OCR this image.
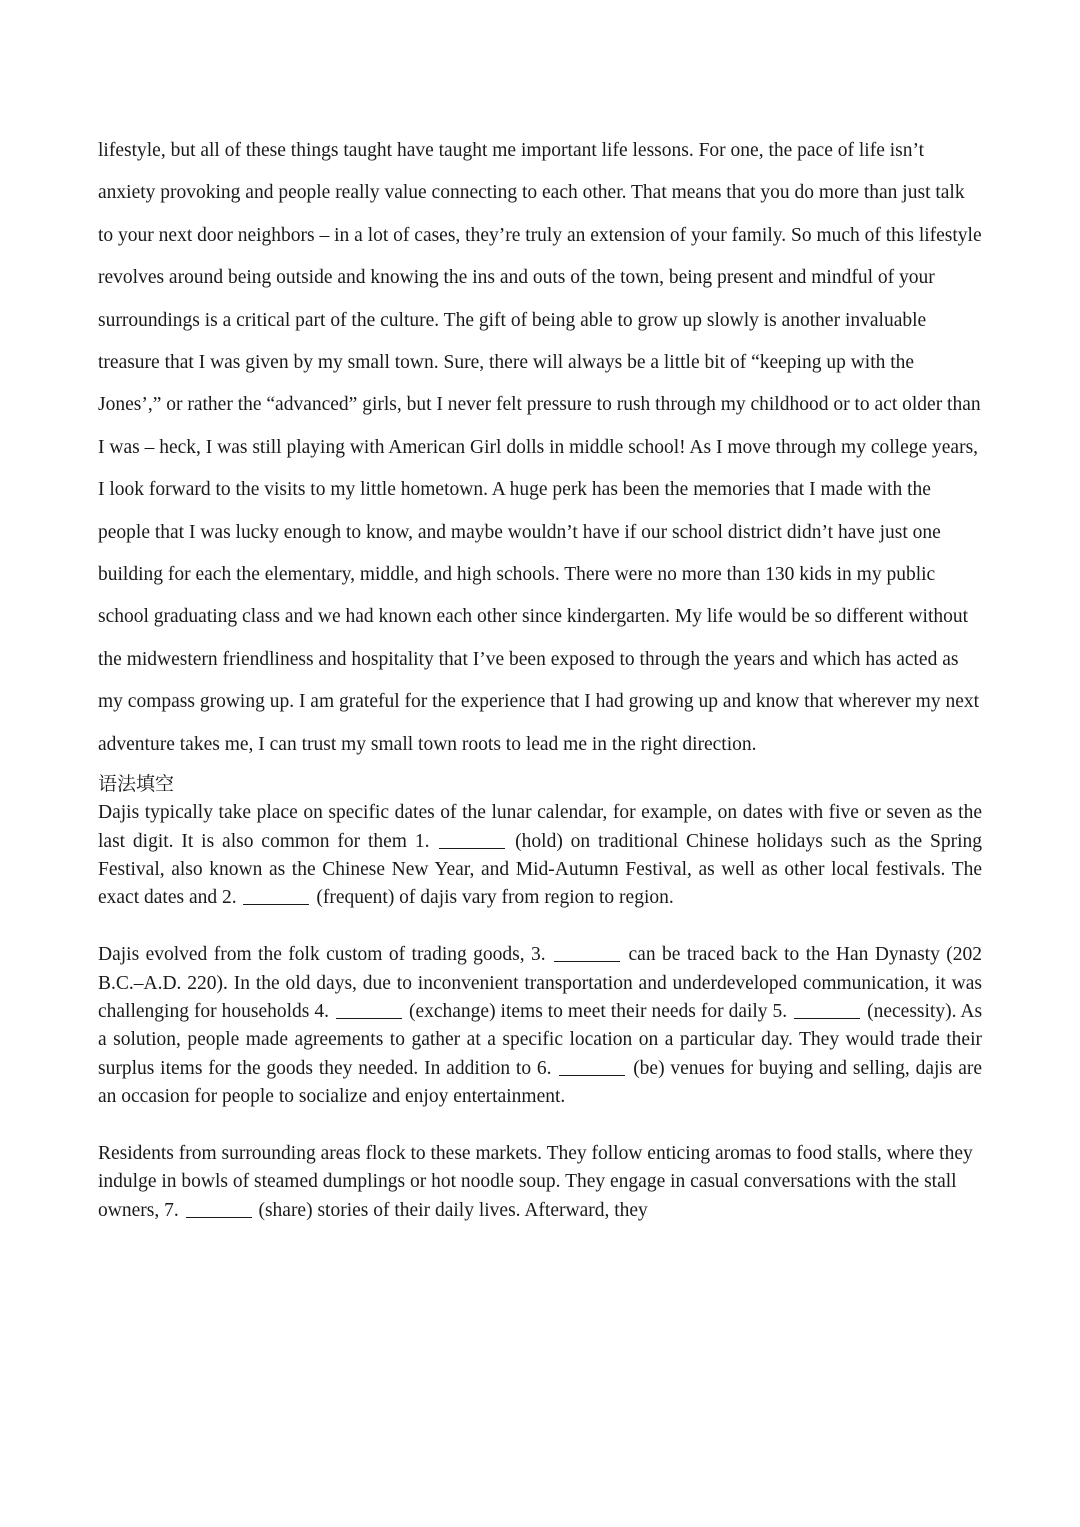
lifestyle, but all of these things taught have taught me important life lessons. For one, the pace of life isn’t anxiety provoking and people really value connecting to each other. That means that you do more than just talk to your next door neighbors – in a lot of cases, they’re truly an extension of your family. So much of this lifestyle revolves around being outside and knowing the ins and outs of the town, being present and mindful of your surroundings is a critical part of the culture. The gift of being able to grow up slowly is another invaluable treasure that I was given by my small town. Sure, there will always be a little bit of “keeping up with the Jones’,” or rather the “advanced” girls, but I never felt pressure to rush through my childhood or to act older than I was – heck, I was still playing with American Girl dolls in middle school! As I move through my college years, I look forward to the visits to my little hometown. A huge perk has been the memories that I made with the people that I was lucky enough to know, and maybe wouldn’t have if our school district didn’t have just one building for each the elementary, middle, and high schools. There were no more than 130 kids in my public school graduating class and we had known each other since kindergarten. My life would be so different without the midwestern friendliness and hospitality that I’ve been exposed to through the years and which has acted as my compass growing up. I am grateful for the experience that I had growing up and know that wherever my next adventure takes me, I can trust my small town roots to lead me in the right direction.

语法填空

Dajis typically take place on specific dates of the lunar calendar, for example, on dates with five or seven as the last digit. It is also common for them 1.	(hold) on traditional Chinese holidays such as the Spring Festival, also known as the Chinese New Year, and Mid-Autumn Festival, as well as other local festivals. The exact dates and 2.	(frequent) of dajis vary from region to region.

Dajis evolved from the folk custom of trading goods, 3.	can be traced back to the Han Dynasty (202 B.C.–A.D. 220). In the old days, due to inconvenient transportation and underdeveloped communication, it was challenging for households 4.	(exchange) items to meet their needs for daily 5.	(necessity). As a solution, people made agreements to gather at a specific location on a particular day. They would trade their surplus items for the goods they needed. In addition to 6.	(be) venues for buying and selling, dajis are an occasion for people to socialize and enjoy entertainment.

Residents from surrounding areas flock to these markets. They follow enticing aromas to food stalls, where they indulge in bowls of steamed dumplings or hot noodle soup. They engage in casual conversations with the stall owners, 7.	(share) stories of their daily lives. Afterward, they
